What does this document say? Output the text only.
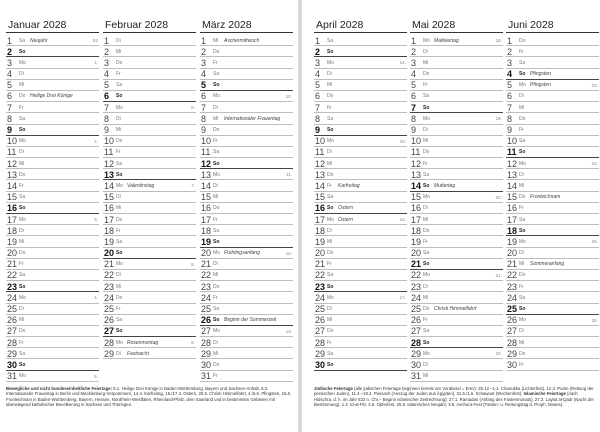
Januar 2028
1 Sa Neujahr	52
2 So
3 Mo	1.
4 Di
5 Mi
6 Do Heilige Drei Könige
7 Fr
8 Sa
9 So
10 Mo	2.
11 Di
12 Mi
13 Do
14 Fr
15 Sa
16 So
17 Mo	3.
18 Di
19 Mi
20 Do
21 Fr
22 Sa
23 So
24 Mo	4.
25 Di
26 Mi
27 Do
28 Fr
29 Sa
30 So
31 Mo	5.
Februar 2028
1 Di
2 Mi
3 Do
4 Fr
5 Sa
6 So
7 Mo	6.
8 Di
9 Mi
10 Do
11 Fr
12 Sa
13 So
14 Mo Valentinstag	7.
15 Di
16 Mi
17 Do
18 Fr
19 Sa
20 So
21 Mo	8.
22 Di
23 Mi
24 Do
25 Fr
26 Sa
27 So
28 Mo Rosenmontag	9.
29 Di Fastnacht
März 2028
1 Mi Aschermittwoch
2 Do
3 Fr
4 Sa
5 So
6 Mo	10.
7 Di
8 Mi Internationaler Frauentag
9 Do
10 Fr
11 Sa
12 So
13 Mo	11.
14 Di
15 Mi
16 Do
17 Fr
18 Sa
19 So
20 Mo Frühlingsanfang	12.
21 Di
22 Mi
23 Do
24 Fr
25 Sa
26 So Beginn der Sommerzeit
27 Mo	13.
28 Di
29 Mi
30 Do
31 Fr
Bewegliche und nicht bundeseinheitliche Feiertage: 6.1. Heilige Drei Könige in Baden-Württemberg, Bayern und Sachsen-Anhalt, 8.3. Internationaler Frauentag in Berlin und Mecklenburg-Vorpommern, 14.4. Karfreitag, 16./17.4. Ostern, 25.5. Christi Himmelfahrt, 4./5.6. Pfingsten, 15.6. Fronleichnam in Baden-Württemberg, Bayern, Hessen, Nordrhein-Westfalen, Rheinland-Pfalz, dem Saarland und in bestimmten Gebieten mit überwiegend katholischer Bevölkerung in Sachsen und Thüringen.
April 2028
1 Sa
2 So
3 Mo	14.
4 Di
5 Mi
6 Do
7 Fr
8 Sa
9 So
10 Mo	15.
11 Di
12 Mi
13 Do
14 Fr Karfreitag
15 Sa
16 So Ostern
17 Mo Ostern	16.
18 Di
19 Mi
20 Do
21 Fr
22 Sa
23 So
24 Mo	17.
25 Di
26 Mi
27 Do
28 Fr
29 Sa
30 So
Mai 2028
1 Mo Maifeiertag	18.
2 Di
3 Mi
4 Do
5 Fr
6 Sa
7 So
8 Mo	19.
9 Di
10 Mi
11 Do
12 Fr
13 Sa
14 So Muttertag
15 Mo	20.
16 Di
17 Mi
18 Do
19 Fr
20 Sa
21 So
22 Mo	21.
23 Di
24 Mi
25 Do Christi Himmelfahrt
26 Fr
27 Sa
28 So
29 Mo	22.
30 Di
31 Mi
Juni 2028
1 Do
2 Fr
3 Sa
4 So Pfingsten
5 Mo Pfingsten	23.
6 Di
7 Mi
8 Do
9 Fr
10 Sa
11 So
12 Mo	24.
13 Di
14 Mi
15 Do Fronleichnam
16 Fr
17 Sa
18 So
19 Mo	25.
20 Di
21 Mi Sommeranfang
22 Do
23 Fr
24 Sa
25 So
26 Mo	26.
27 Di
28 Mi
29 Do
30 Fr
Jüdische Feiertage (alle jüdischen Feiertage beginnen bereits am Vorabend = Erev): 25.12.–1.1. Chanukka (Lichterfest), 12.3. Purim (Rettung der persischen Juden), 11.4.–18.4. Pessach (Auszug der Juden aus Ägypten), 31.5./1.6. Schawuot (Wochenfest). Islamische Feiertage (nach Hidschra, d. h. im Jahr 622 n. Chr.– Beginn islamischer Zeitrechnung): 27.1. Ramadan (Anfang des Fastenmonats), 27.2. Laylat al-Qadr (Nacht der Bestimmung), 1.3. Id-al-Fitr, 4.5. Opferfest, 25.5. Islamisches Neujahr, 3.6. Aschura-Fest (Fasten- u. Rettungstag d. Proph. Moses).
